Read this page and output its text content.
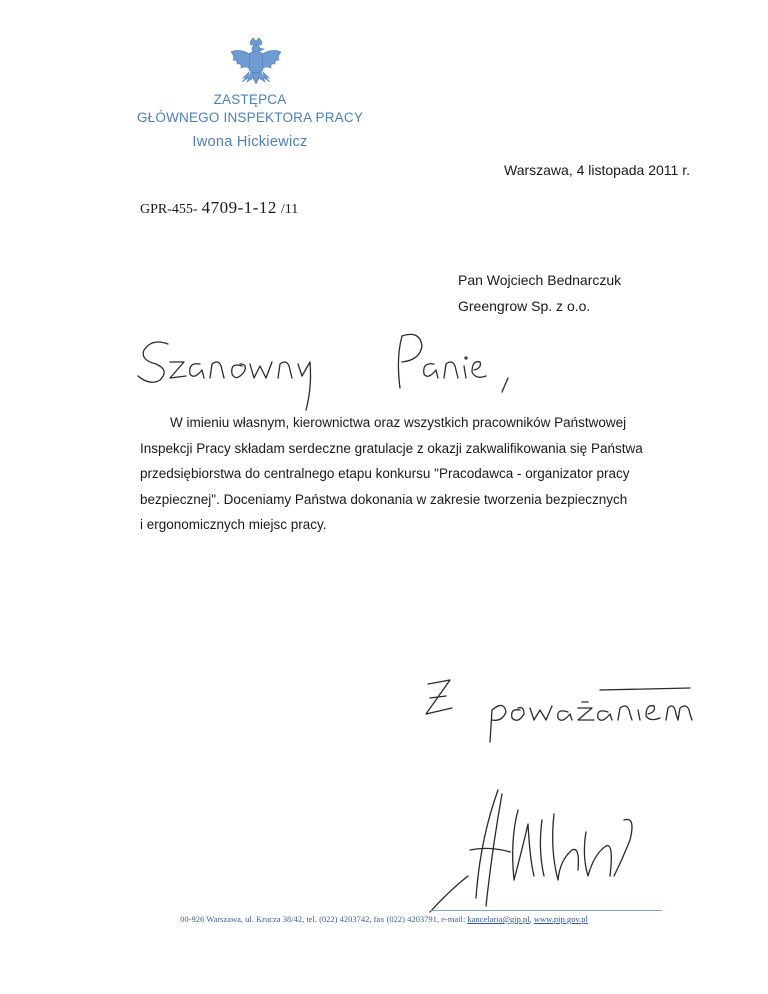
ZASTĘPCA
GŁÓWNEGO INSPEKTORA PRACY
Iwona Hickiewicz
Warszawa, 4 listopada 2011 r.
GPR-455- 4709-1-12 /11
Pan Wojciech Bednarczuk
Greengrow Sp. z o.o.
W imieniu własnym, kierownictwa oraz wszystkich pracowników Państwowej
Inspekcji Pracy składam serdeczne gratulacje z okazji zakwalifikowania się Państwa
przedsiębiorstwa do centralnego etapu konkursu "Pracodawca - organizator pracy
bezpiecznej". Doceniamy Państwa dokonania w zakresie tworzenia bezpiecznych
i ergonomicznych miejsc pracy.
00-926 Warszawa, ul. Krucza 38/42, tel. (022) 4203742, fax (022) 4203791, e-mail: kancelaria@gip.pl, www.pip.gov.pl
